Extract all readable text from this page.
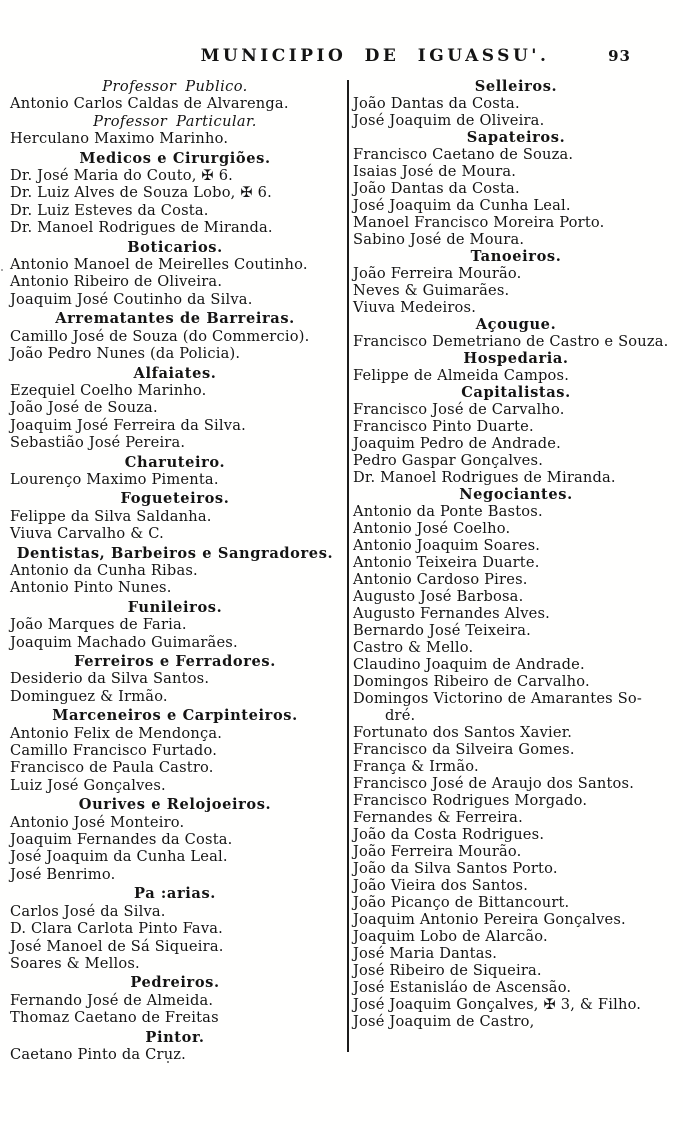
MUNICIPIO DE IGUASSU'.	93
Professor Publico.
Antonio Carlos Caldas de Alvarenga.
Professor Particular.
Herculano Maximo Marinho.
Medicos e Cirurgiões.
Dr. José Maria do Couto, ✠ 6.
Dr. Luiz Alves de Souza Lobo, ✠ 6.
Dr. Luiz Esteves da Costa.
Dr. Manoel Rodrigues de Miranda.
Boticarios.
Antonio Manoel de Meirelles Coutinho.
Antonio Ribeiro de Oliveira.
Joaquim José Coutinho da Silva.
Arrematantes de Barreiras.
Camillo José de Souza (do Commercio).
João Pedro Nunes (da Policia).
Alfaiates.
Ezequiel Coelho Marinho.
João José de Souza.
Joaquim José Ferreira da Silva.
Sebastião José Pereira.
Charuteiro.
Lourenço Maximo Pimenta.
Fogueteiros.
Felippe da Silva Saldanha.
Viuva Carvalho & C.
Dentistas, Barbeiros e Sangradores.
Antonio da Cunha Ribas.
Antonio Pinto Nunes.
Funileiros.
João Marques de Faria.
Joaquim Machado Guimarães.
Ferreiros e Ferradores.
Desiderio da Silva Santos.
Dominguez & Irmão.
Marceneiros e Carpinteiros.
Antonio Felix de Mendonça.
Camillo Francisco Furtado.
Francisco de Paula Castro.
Luiz José Gonçalves.
Ourives e Relojoeiros.
Antonio José Monteiro.
Joaquim Fernandes da Costa.
José Joaquim da Cunha Leal.
José Benrimo.
Pa :arias.
Carlos José da Silva.
D. Clara Carlota Pinto Fava.
José Manoel de Sá Siqueira.
Soares & Mellos.
Pedreiros.
Fernando José de Almeida.
Thomaz Caetano de Freitas
Pintor.
Caetano Pinto da Cruz.
Selleiros.
João Dantas da Costa.
José Joaquim de Oliveira.
Sapateiros.
Francisco Caetano de Souza.
Isaias José de Moura.
João Dantas da Costa.
José Joaquim da Cunha Leal.
Manoel Francisco Moreira Porto.
Sabino José de Moura.
Tanoeiros.
João Ferreira Mourão.
Neves & Guimarães.
Viuva Medeiros.
Açougue.
Francisco Demetriano de Castro e Souza.
Hospedaria.
Felippe de Almeida Campos.
Capitalistas.
Francisco José de Carvalho.
Francisco Pinto Duarte.
Joaquim Pedro de Andrade.
Pedro Gaspar Gonçalves.
Dr. Manoel Rodrigues de Miranda.
Negociantes.
Antonio da Ponte Bastos.
Antonio José Coelho.
Antonio Joaquim Soares.
Antonio Teixeira Duarte.
Antonio Cardoso Pires.
Augusto José Barbosa.
Augusto Fernandes Alves.
Bernardo José Teixeira.
Castro & Mello.
Claudino Joaquim de Andrade.
Domingos Ribeiro de Carvalho.
Domingos Victorino de Amarantes So-
dré.
Fortunato dos Santos Xavier.
Francisco da Silveira Gomes.
França & Irmão.
Francisco José de Araujo dos Santos.
Francisco Rodrigues Morgado.
Fernandes & Ferreira.
João da Costa Rodrigues.
João Ferreira Mourão.
João da Silva Santos Porto.
João Vieira dos Santos.
João Picanço de Bittancourt.
Joaquim Antonio Pereira Gonçalves.
Joaquim Lobo de Alarcão.
José Maria Dantas.
José Ribeiro de Siqueira.
José Estanisláo de Ascensão.
José Joaquim Gonçalves, ✠ 3, & Filho.
José Joaquim de Castro,
